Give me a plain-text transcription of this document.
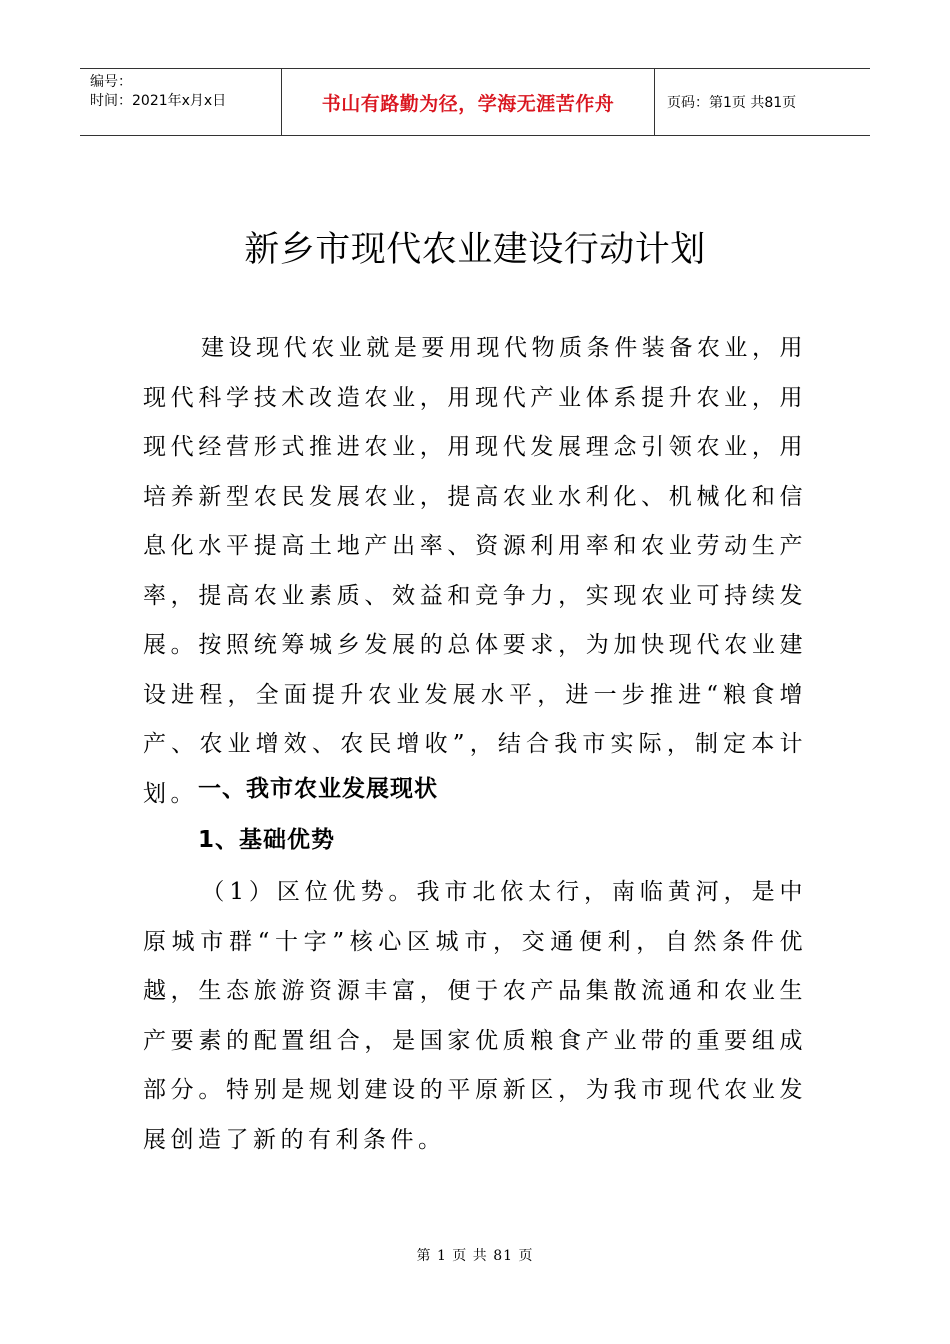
编号：
时间：2021年x月x日	书山有路勤为径，学海无涯苦作舟	页码：第1页 共81页
新乡市现代农业建设行动计划
建设现代农业就是要用现代物质条件装备农业，用现代科学技术改造农业，用现代产业体系提升农业，用现代经营形式推进农业，用现代发展理念引领农业，用培养新型农民发展农业，提高农业水利化、机械化和信息化水平提高土地产出率、资源利用率和农业劳动生产率，提高农业素质、效益和竞争力，实现农业可持续发展。按照统筹城乡发展的总体要求，为加快现代农业建设进程，全面提升农业发展水平，进一步推进“粮食增产、农业增效、农民增收”，结合我市实际，制定本计划。 一、我市农业发展现状
1、基础优势
（1）区位优势。我市北依太行，南临黄河，是中原城市群“十字”核心区城市，交通便利，自然条件优越，生态旅游资源丰富，便于农产品集散流通和农业生产要素的配置组合，是国家优质粮食产业带的重要组成部分。特别是规划建设的平原新区，为我市现代农业发展创造了新的有利条件。
第 1 页 共 81 页
